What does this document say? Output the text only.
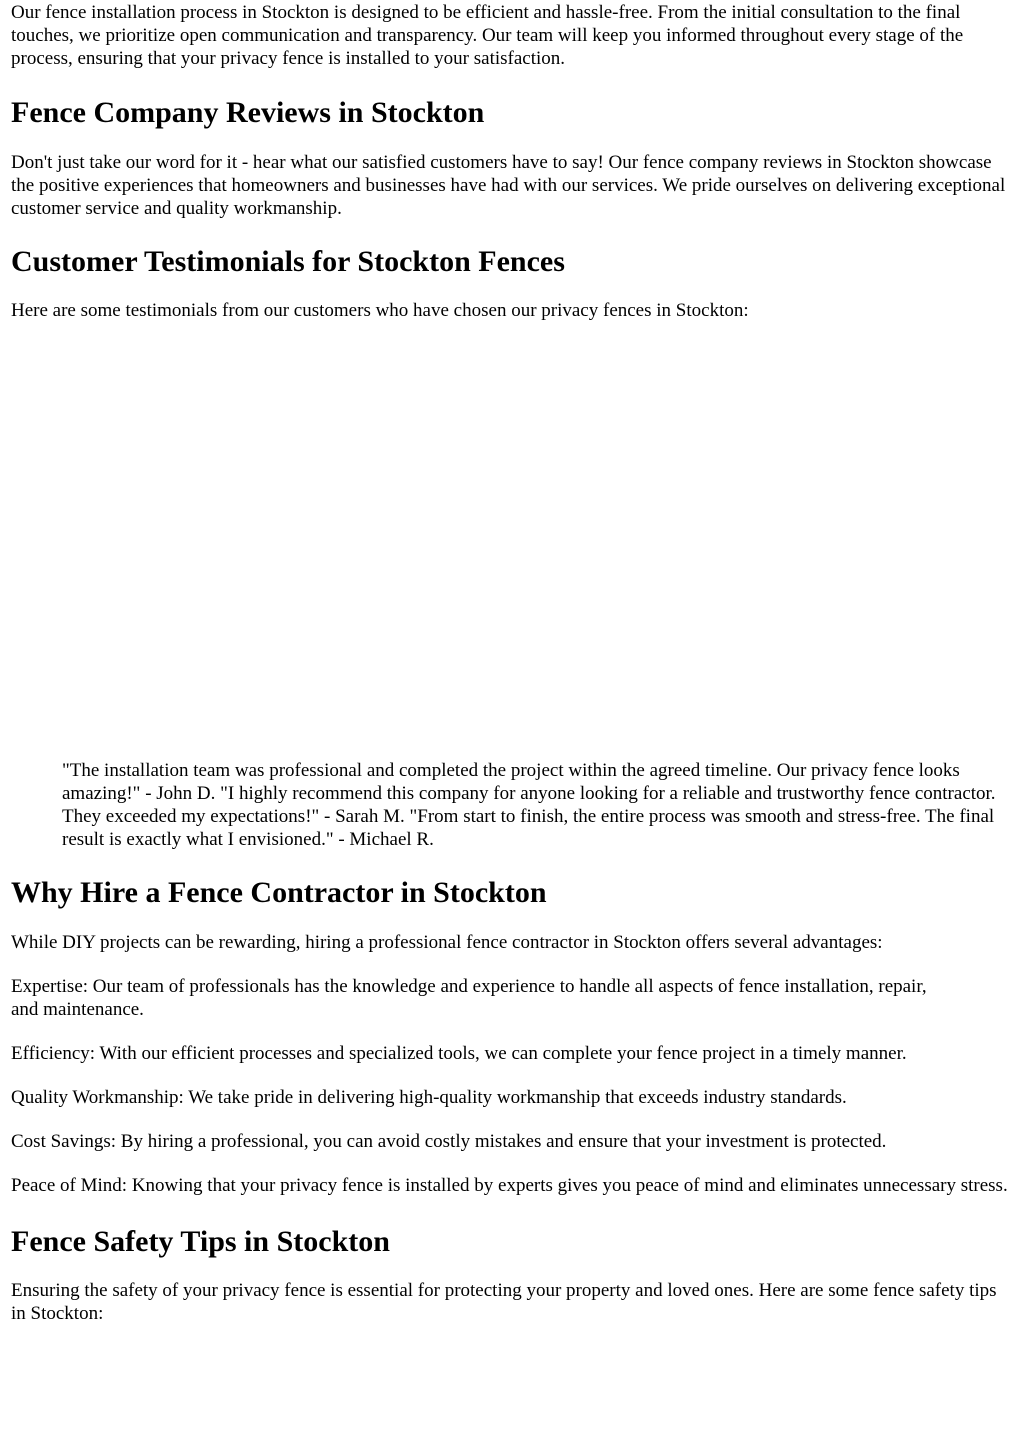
Our fence installation process in Stockton is designed to be efficient and hassle-free. From the initial consultation to the final touches, we prioritize open communication and transparency. Our team will keep you informed throughout every stage of the process, ensuring that your privacy fence is installed to your satisfaction.

Fence Company Reviews in Stockton

Don't just take our word for it - hear what our satisfied customers have to say! Our fence company reviews in Stockton showcase the positive experiences that homeowners and businesses have had with our services. We pride ourselves on delivering exceptional customer service and quality workmanship.

Customer Testimonials for Stockton Fences

Here are some testimonials from our customers who have chosen our privacy fences in Stockton:

"The installation team was professional and completed the project within the agreed timeline. Our privacy fence looks amazing!" - John D. "I highly recommend this company for anyone looking for a reliable and trustworthy fence contractor. They exceeded my expectations!" - Sarah M. "From start to finish, the entire process was smooth and stress-free. The final result is exactly what I envisioned." - Michael R.
Why Hire a Fence Contractor in Stockton

While DIY projects can be rewarding, hiring a professional fence contractor in Stockton offers several advantages:

Expertise: Our team of professionals has the knowledge and experience to handle all aspects of fence installation, repair, and maintenance.

Efficiency: With our efficient processes and specialized tools, we can complete your fence project in a timely manner.

Quality Workmanship: We take pride in delivering high-quality workmanship that exceeds industry standards.

Cost Savings: By hiring a professional, you can avoid costly mistakes and ensure that your investment is protected.

Peace of Mind: Knowing that your privacy fence is installed by experts gives you peace of mind and eliminates unnecessary stress.

Fence Safety Tips in Stockton

Ensuring the safety of your privacy fence is essential for protecting your property and loved ones. Here are some fence safety tips in Stockton:
